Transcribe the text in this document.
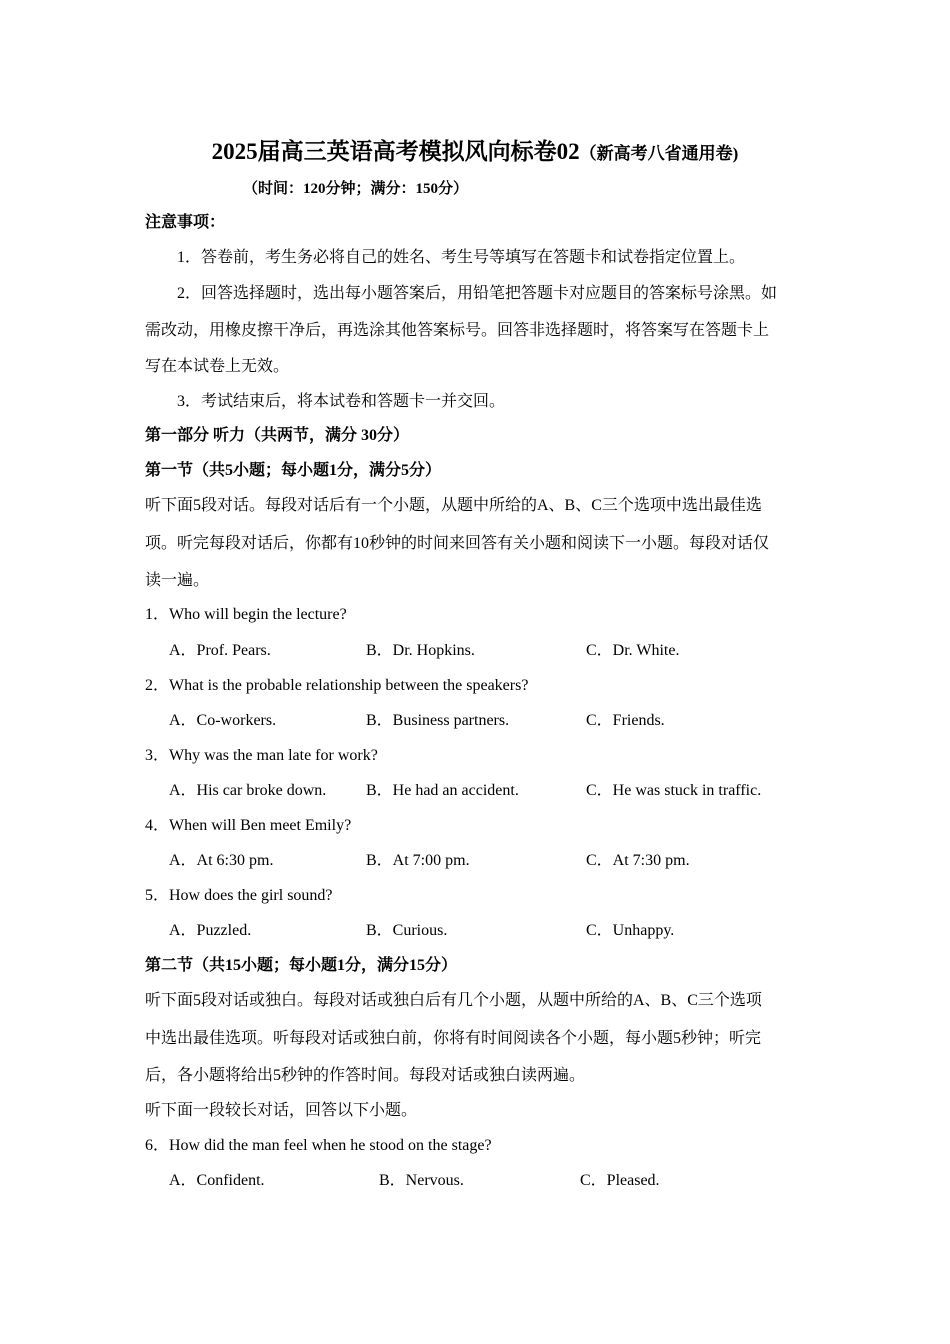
2025届高三英语高考模拟风向标卷02（新高考八省通用卷)
（时间：120分钟；满分：150分）
注意事项：
1．答卷前，考生务必将自己的姓名、考生号等填写在答题卡和试卷指定位置上。
2．回答选择题时，选出每小题答案后，用铅笔把答题卡对应题目的答案标号涂黑。如
需改动，用橡皮擦干净后，再选涂其他答案标号。回答非选择题时，将答案写在答题卡上
写在本试卷上无效。
3．考试结束后，将本试卷和答题卡一并交回。
第一部分 听力（共两节，满分 30分）
第一节（共5小题；每小题1分，满分5分）
听下面5段对话。每段对话后有一个小题，从题中所给的A、B、C三个选项中选出最佳选
项。听完每段对话后，你都有10秒钟的时间来回答有关小题和阅读下一小题。每段对话仅
读一遍。
1．Who will begin the lecture?
A．Prof. Pears.	B．Dr. Hopkins.	C．Dr. White.
2．What is the probable relationship between the speakers?
A．Co-workers.	B．Business partners.	C．Friends.
3．Why was the man late for work?
A．His car broke down. B．He had an accident.	C．He was stuck in traffic.
4．When will Ben meet Emily?
A．At 6:30 pm.	B．At 7:00 pm.	C．At 7:30 pm.
5．How does the girl sound?
A．Puzzled.	B．Curious.	C．Unhappy.
第二节（共15小题；每小题1分，满分15分）
听下面5段对话或独白。每段对话或独白后有几个小题，从题中所给的A、B、C三个选项
中选出最佳选项。听每段对话或独白前，你将有时间阅读各个小题，每小题5秒钟；听完
后，各小题将给出5秒钟的作答时间。每段对话或独白读两遍。
听下面一段较长对话，回答以下小题。
6．How did the man feel when he stood on the stage?
A．Confident.	B．Nervous.	C．Pleased.
